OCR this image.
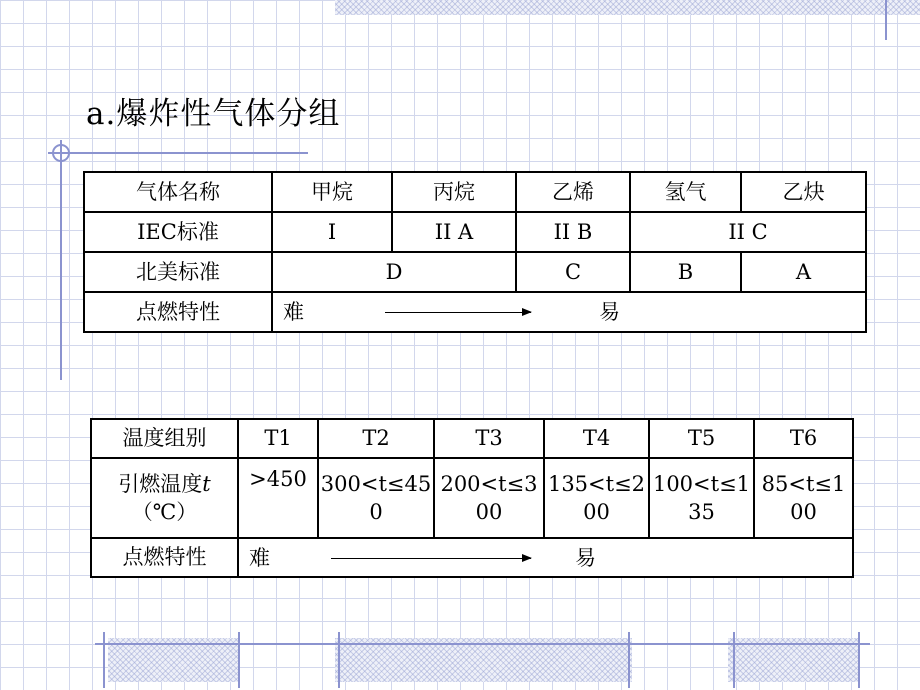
a.爆炸性气体分组
气体名称	甲烷	丙烷	乙烯	氢气	乙炔
IEC标准	I	II A	II B	II C	
北美标准	D		C	B	A
点燃特性	难 易				
温度组别	T1	T2	T3	T4	T5	T6
引燃温度t
（℃）	>450	300<t≤450	200<t≤300	135<t≤200	100<t≤135	85<t≤100
点燃特性	难 易					
